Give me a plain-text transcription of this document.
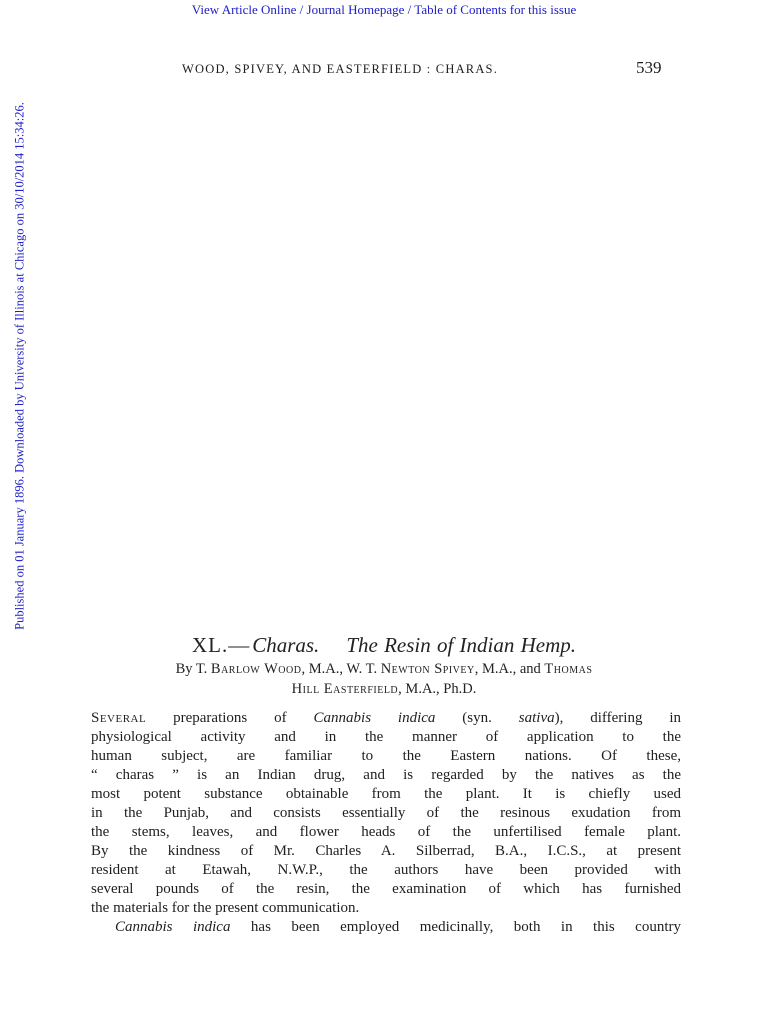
View Article Online / Journal Homepage / Table of Contents for this issue
Published on 01 January 1896. Downloaded by University of Illinois at Chicago on 30/10/2014 15:34:26.
WOOD, SPIVEY, AND EASTERFIELD : CHARAS.	539
XL.—Charas. The Resin of Indian Hemp.
By T. Barlow Wood, M.A., W. T. Newton Spivey, M.A., and Thomas
Hill Easterfield, M.A., Ph.D.
Several preparations of Cannabis indica (syn. sativa), differing in
physiological activity and in the manner of application to the
human subject, are familiar to the Eastern nations. Of these,
“ charas ” is an Indian drug, and is regarded by the natives as the
most potent substance obtainable from the plant. It is chiefly used
in the Punjab, and consists essentially of the resinous exudation from
the stems, leaves, and flower heads of the unfertilised female plant.
By the kindness of Mr. Charles A. Silberrad, B.A., I.C.S., at present
resident at Etawah, N.W.P., the authors have been provided with
several pounds of the resin, the examination of which has furnished
the materials for the present communication.
Cannabis indica has been employed medicinally, both in this country
